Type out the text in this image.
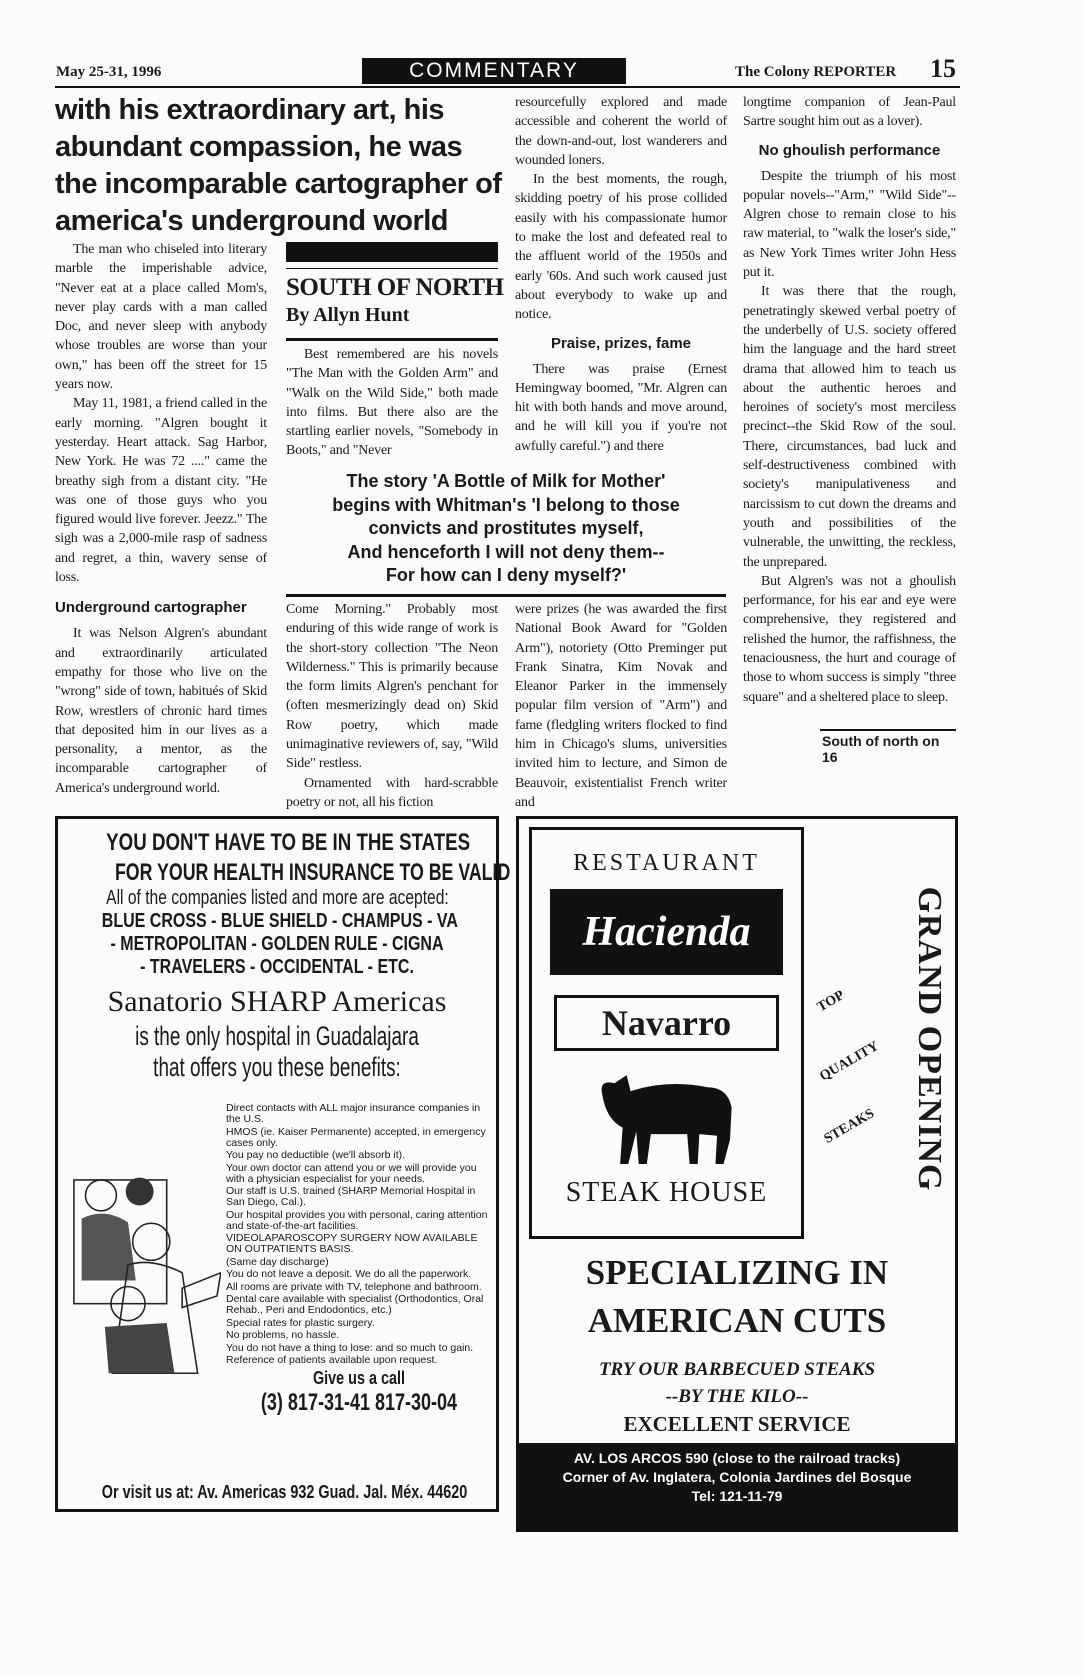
May 25-31, 1996	COMMENTARY	The Colony REPORTER 15
with his extraordinary art, his abundant compassion, he was the incomparable cartographer of america's underground world

The man who chiseled into literary marble the imperishable advice, "Never eat at a place called Mom's, never play cards with a man called Doc, and never sleep with anybody whose troubles are worse than your own," has been off the street for 15 years now.

May 11, 1981, a friend called in the early morning. "Algren bought it yesterday. Heart attack. Sag Harbor, New York. He was 72 ...." came the breathy sigh from a distant city. "He was one of those guys who you figured would live forever. Jeezz." The sigh was a 2,000-mile rasp of sadness and regret, a thin, wavery sense of loss.

Underground cartographer

It was Nelson Algren's abundant and extraordinarily articulated empathy for those who live on the "wrong" side of town, habitués of Skid Row, wrestlers of chronic hard times that deposited him in our lives as a personality, a mentor, as the incomparable cartographer of America's underground world.

SOUTH OF NORTH
By Allyn Hunt

Best remembered are his novels "The Man with the Golden Arm" and "Walk on the Wild Side," both made into films. But there also are the startling earlier novels, "Somebody in Boots," and "Never

resourcefully explored and made accessible and coherent the world of the down-and-out, lost wanderers and wounded loners.

In the best moments, the rough, skidding poetry of his prose collided easily with his compassionate humor to make the lost and defeated real to the affluent world of the 1950s and early '60s. And such work caused just about everybody to wake up and notice.

Praise, prizes, fame

There was praise (Ernest Hemingway boomed, "Mr. Algren can hit with both hands and move around, and he will kill you if you're not awfully careful.") and there

The story 'A Bottle of Milk for Mother'
begins with Whitman's 'I belong to those
convicts and prostitutes myself,
And henceforth I will not deny them--
For how can I deny myself?'

Come Morning." Probably most enduring of this wide range of work is the short-story collection "The Neon Wilderness." This is primarily because the form limits Algren's penchant for (often mesmerizingly dead on) Skid Row poetry, which made unimaginative reviewers of, say, "Wild Side" restless.

Ornamented with hard-scrabble poetry or not, all his fiction

were prizes (he was awarded the first National Book Award for "Golden Arm"), notoriety (Otto Preminger put Frank Sinatra, Kim Novak and Eleanor Parker in the immensely popular film version of "Arm") and fame (fledgling writers flocked to find him in Chicago's slums, universities invited him to lecture, and Simon de Beauvoir, existentialist French writer and

longtime companion of Jean-Paul Sartre sought him out as a lover).

No ghoulish performance

Despite the triumph of his most popular novels--"Arm," "Wild Side"--Algren chose to remain close to his raw material, to "walk the loser's side," as New York Times writer John Hess put it.

It was there that the rough, penetratingly skewed verbal poetry of the underbelly of U.S. society offered him the language and the hard street drama that allowed him to teach us about the authentic heroes and heroines of society's most merciless precinct--the Skid Row of the soul. There, circumstances, bad luck and self-destructiveness combined with society's manipulativeness and narcissism to cut down the dreams and youth and possibilities of the vulnerable, the unwitting, the reckless, the unprepared.

But Algren's was not a ghoulish performance, for his ear and eye were comprehensive, they registered and relished the humor, the raffishness, the tenaciousness, the hurt and courage of those to whom success is simply "three square" and a sheltered place to sleep.

South of north on 16
YOU DON'T HAVE TO BE IN THE STATES
FOR YOUR HEALTH INSURANCE TO BE VALID
All of the companies listed and more are acepted:
BLUE CROSS - BLUE SHIELD - CHAMPUS - VA
- METROPOLITAN - GOLDEN RULE - CIGNA
- TRAVELERS - OCCIDENTAL - ETC.
Sanatorio SHARP Americas
is the only hospital in Guadalajara
that offers you these benefits:
Direct contacts with ALL major insurance companies in the U.S.
HMOS (ie. Kaiser Permanente) accepted, in emergency cases only.
You pay no deductible (we'll absorb it).
Your own doctor can attend you or we will provide you with a physician especialist for your needs.
Our staff is U.S. trained (SHARP Memorial Hospital in San Diego, Cal.).
Our hospital provides you with personal, caring attention and state-of-the-art facilities.
VIDEOLAPAROSCOPY SURGERY NOW AVAILABLE ON OUTPATIENTS BASIS.
(Same day discharge)
You do not leave a deposit. We do all the paperwork.
All rooms are private with TV, telephone and bathroom.
Dental care available with specialist (Orthodontics, Oral Rehab., Peri and Endodontics, etc.)
Special rates for plastic surgery.
No problems, no hassle.
You do not have a thing to lose: and so much to gain.
Reference of patients available upon request.
Give us a call
(3) 817-31-41 817-30-04
Or visit us at: Av. Americas 932 Guad. Jal. Méx. 44620
RESTAURANT
Hacienda
Navarro
STEAK HOUSE
GRAND OPENING
TOP
QUALITY
STEAKS
SPECIALIZING IN
AMERICAN CUTS
TRY OUR BARBECUED STEAKS
--BY THE KILO--
EXCELLENT SERVICE
AV. LOS ARCOS 590 (close to the railroad tracks)
Corner of Av. Inglatera, Colonia Jardines del Bosque
Tel: 121-11-79
